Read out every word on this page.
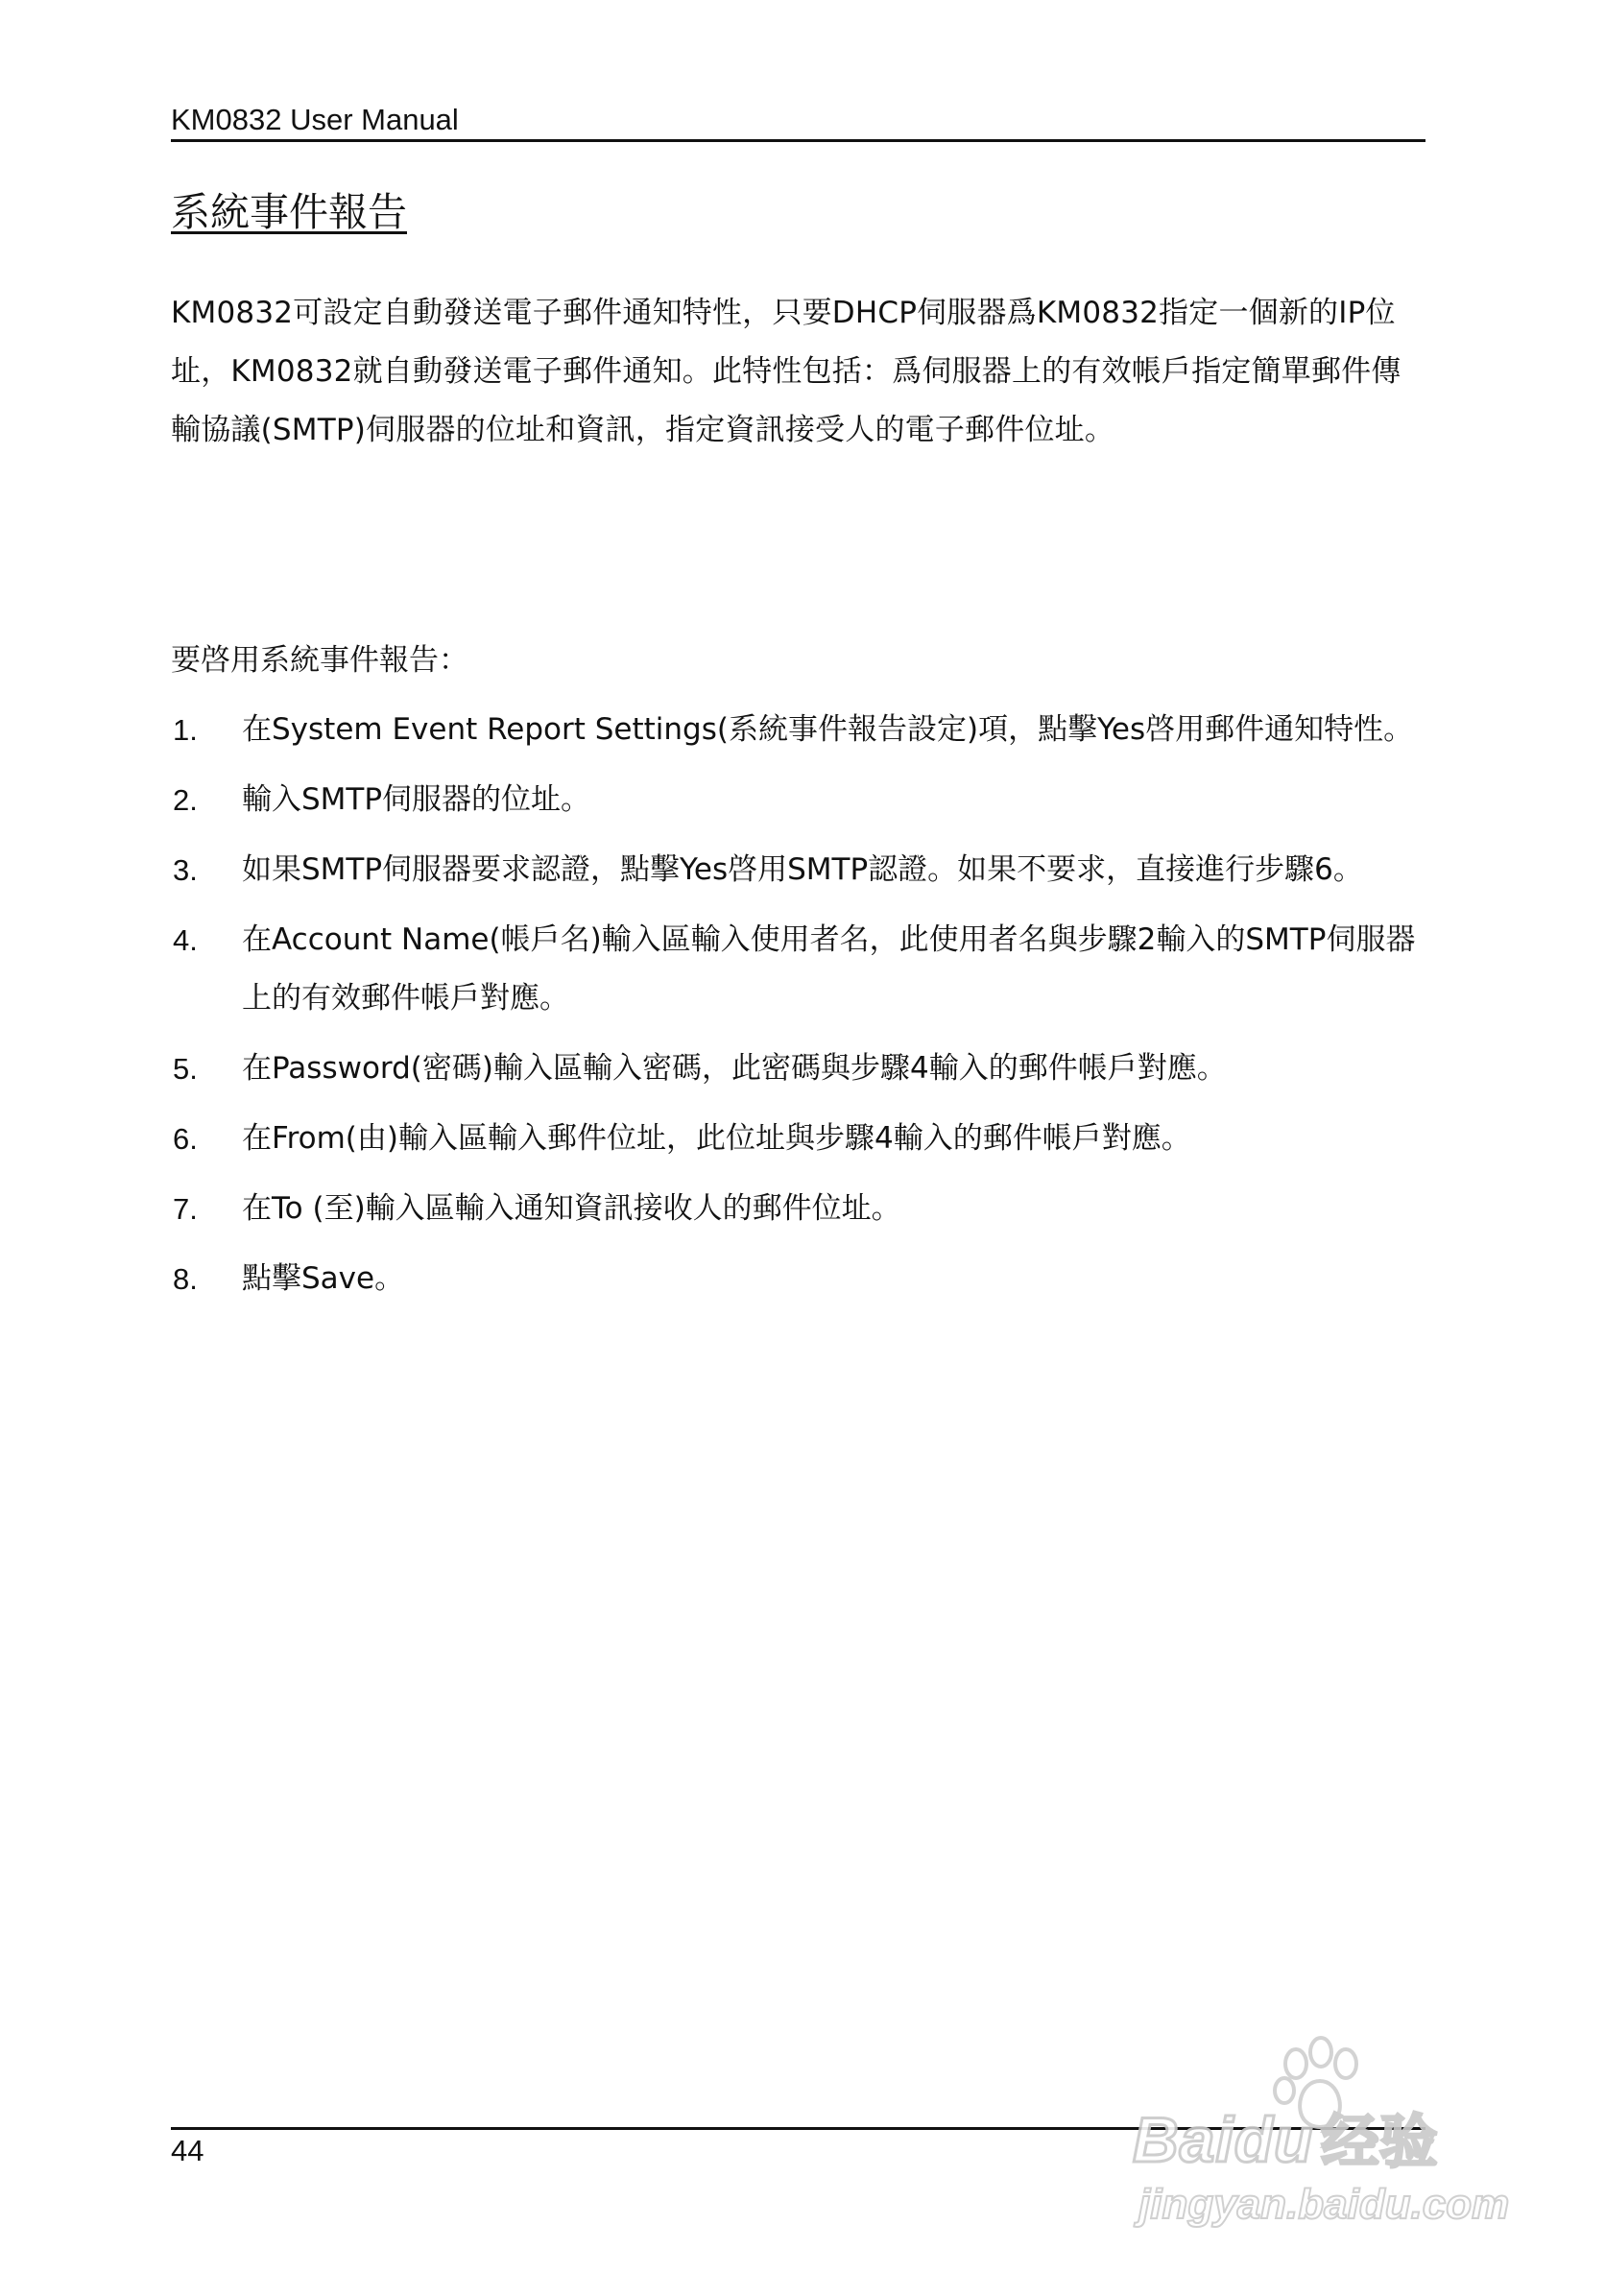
KM0832 User Manual
系統事件報告

KM0832可設定自動發送電子郵件通知特性，只要DHCP伺服器爲KM0832指定一個新的IP位址，KM0832就自動發送電子郵件通知。此特性包括：爲伺服器上的有效帳戶指定簡單郵件傳輸協議(SMTP)伺服器的位址和資訊，指定資訊接受人的電子郵件位址。

要啓用系統事件報告：

1. 在System Event Report Settings(系統事件報告設定)項，點擊Yes啓用郵件通知特性。
2. 輸入SMTP伺服器的位址。
3. 如果SMTP伺服器要求認證，點擊Yes啓用SMTP認證。如果不要求，直接進行步驟6。
4. 在Account Name(帳戶名)輸入區輸入使用者名，此使用者名與步驟2輸入的SMTP伺服器上的有效郵件帳戶對應。
5. 在Password(密碼)輸入區輸入密碼，此密碼與步驟4輸入的郵件帳戶對應。
6. 在From(由)輸入區輸入郵件位址，此位址與步驟4輸入的郵件帳戶對應。
7. 在To (至)輸入區輸入通知資訊接收人的郵件位址。
8. 點擊Save。
44	Baidu 经验
jingyan.baidu.com
